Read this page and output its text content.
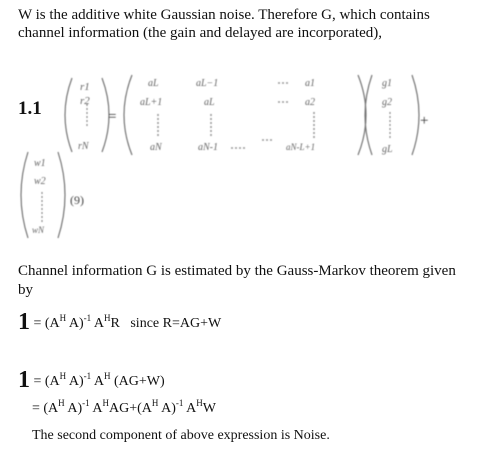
W is the additive white Gaussian noise. Therefore G, which contains channel information (the gain and delayed are incorporated),

1.1
r1
r2
rN
=
aL	aL−1	a1
aL+1	aL	a2
aN	aN-1	aN-L+1
g1
g2
gL
+
w1
w2
wN
(9)

Channel information G is estimated by the Gauss-Markov theorem given by

$1 = (A^H$ A)$^{-1}$ $A^HR$ since R=AG+W

$1 = (A^H$ A)$^{-1}$ $A^H$ (AG+W)

= ($A^H$ A)$^{-1}$ $A^HAG+(A^H$ A)$^{-1}$ $A^HW$

The second component of above expression is Noise.
